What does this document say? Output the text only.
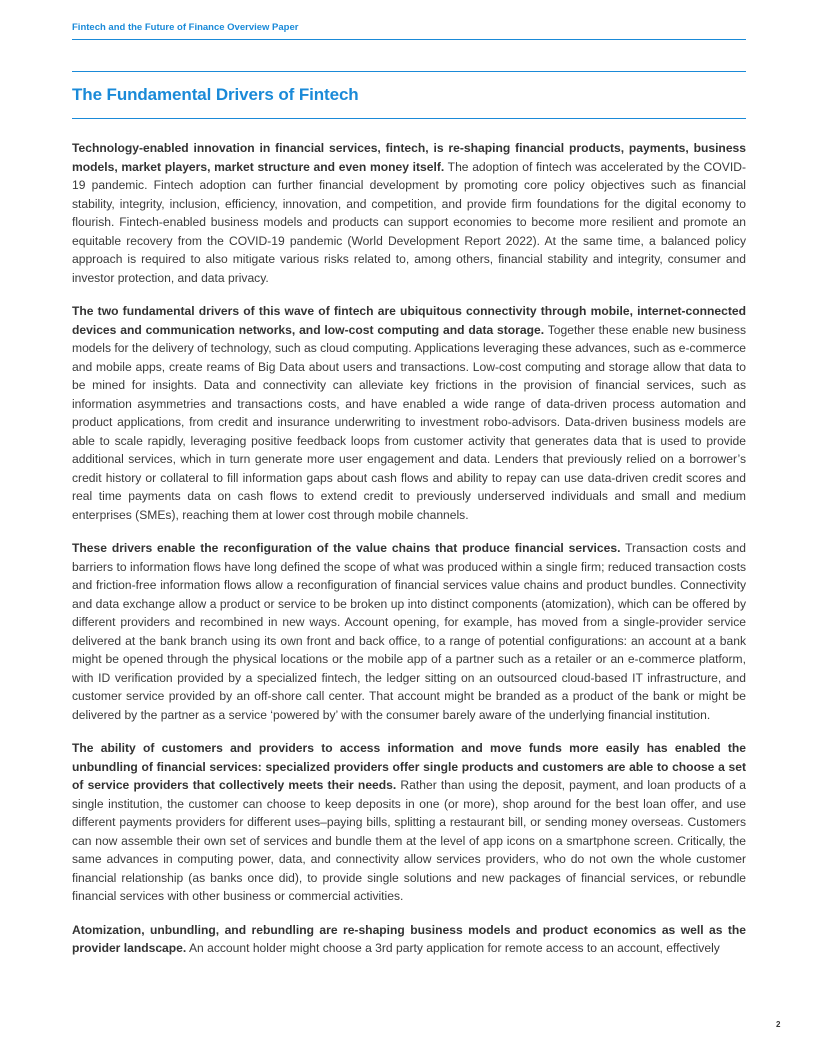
Fintech and the Future of Finance Overview Paper
The Fundamental Drivers of Fintech

Technology-enabled innovation in financial services, fintech, is re-shaping financial products, payments, business models, market players, market structure and even money itself. The adoption of fintech was accelerated by the COVID-19 pandemic. Fintech adoption can further financial development by promoting core policy objectives such as financial stability, integrity, inclusion, efficiency, innovation, and competition, and provide firm foundations for the digital economy to flourish. Fintech-enabled business models and products can support economies to become more resilient and promote an equitable recovery from the COVID-19 pandemic (World Development Report 2022). At the same time, a balanced policy approach is required to also mitigate various risks related to, among others, financial stability and integrity, consumer and investor protection, and data privacy.

The two fundamental drivers of this wave of fintech are ubiquitous connectivity through mobile, internet-connected devices and communication networks, and low-cost computing and data storage. Together these enable new business models for the delivery of technology, such as cloud computing. Applications leveraging these advances, such as e-commerce and mobile apps, create reams of Big Data about users and transactions. Low-cost computing and storage allow that data to be mined for insights. Data and connectivity can alleviate key frictions in the provision of financial services, such as information asymmetries and transactions costs, and have enabled a wide range of data-driven process automation and product applications, from credit and insurance underwriting to investment robo-advisors. Data-driven business models are able to scale rapidly, leveraging positive feedback loops from customer activity that generates data that is used to provide additional services, which in turn generate more user engagement and data. Lenders that previously relied on a borrower’s credit history or collateral to fill information gaps about cash flows and ability to repay can use data-driven credit scores and real time payments data on cash flows to extend credit to previously underserved individuals and small and medium enterprises (SMEs), reaching them at lower cost through mobile channels.

These drivers enable the reconfiguration of the value chains that produce financial services. Transaction costs and barriers to information flows have long defined the scope of what was produced within a single firm; reduced transaction costs and friction-free information flows allow a reconfiguration of financial services value chains and product bundles. Connectivity and data exchange allow a product or service to be broken up into distinct components (atomization), which can be offered by different providers and recombined in new ways. Account opening, for example, has moved from a single-provider service delivered at the bank branch using its own front and back office, to a range of potential configurations: an account at a bank might be opened through the physical locations or the mobile app of a partner such as a retailer or an e-commerce platform, with ID verification provided by a specialized fintech, the ledger sitting on an outsourced cloud-based IT infrastructure, and customer service provided by an off-shore call center. That account might be branded as a product of the bank or might be delivered by the partner as a service ‘powered by’ with the consumer barely aware of the underlying financial institution.

The ability of customers and providers to access information and move funds more easily has enabled the unbundling of financial services: specialized providers offer single products and customers are able to choose a set of service providers that collectively meets their needs. Rather than using the deposit, payment, and loan products of a single institution, the customer can choose to keep deposits in one (or more), shop around for the best loan offer, and use different payments providers for different uses–paying bills, splitting a restaurant bill, or sending money overseas. Customers can now assemble their own set of services and bundle them at the level of app icons on a smartphone screen. Critically, the same advances in computing power, data, and connectivity allow services providers, who do not own the whole customer financial relationship (as banks once did), to provide single solutions and new packages of financial services, or rebundle financial services with other business or commercial activities.

Atomization, unbundling, and rebundling are re-shaping business models and product economics as well as the provider landscape. An account holder might choose a 3rd party application for remote access to an account, effectively

2
